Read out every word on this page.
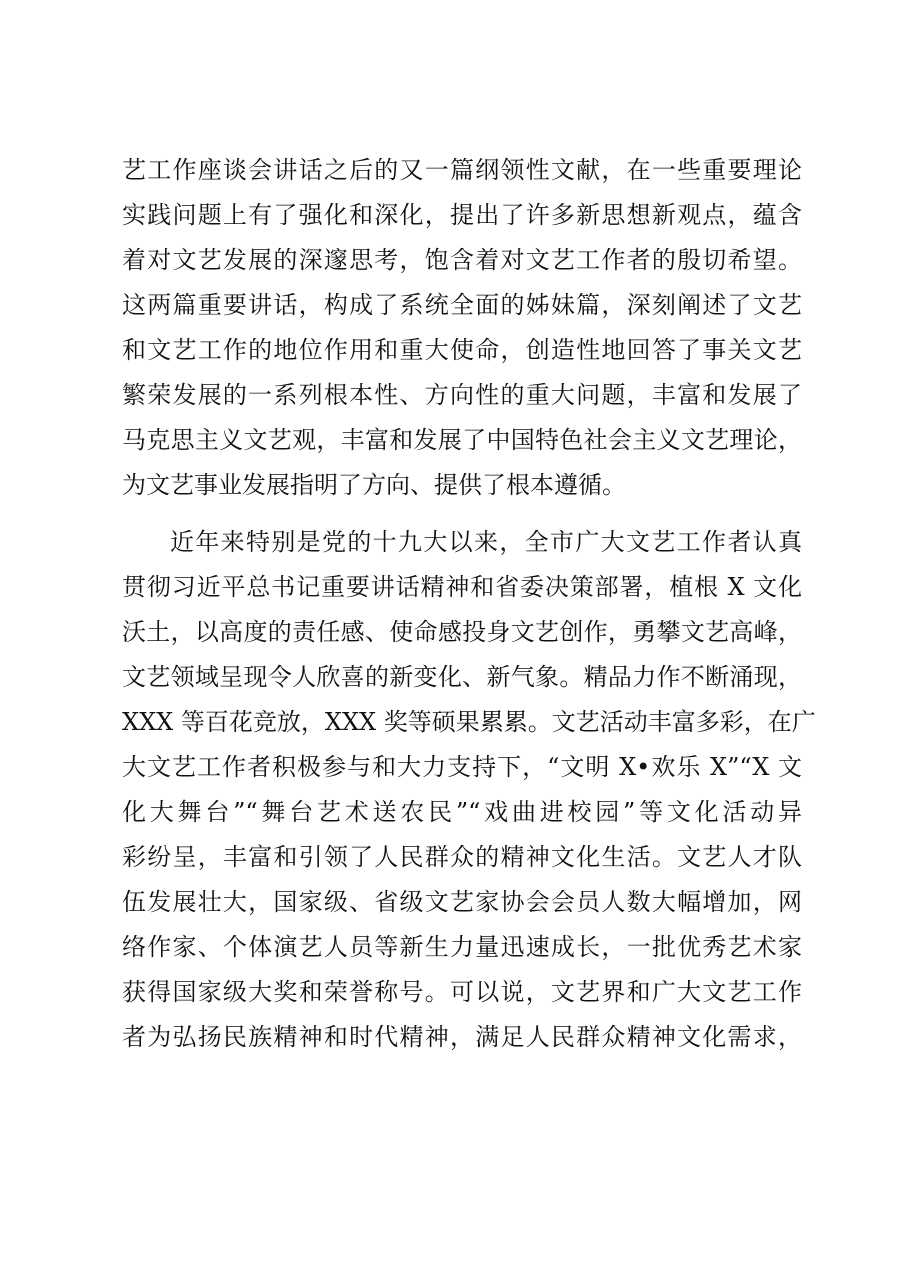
艺工作座谈会讲话之后的又一篇纲领性文献，在一些重要理论
实践问题上有了强化和深化，提出了许多新思想新观点，蕴含
着对文艺发展的深邃思考，饱含着对文艺工作者的殷切希望。
这两篇重要讲话，构成了系统全面的姊妹篇，深刻阐述了文艺
和文艺工作的地位作用和重大使命，创造性地回答了事关文艺
繁荣发展的一系列根本性、方向性的重大问题，丰富和发展了
马克思主义文艺观，丰富和发展了中国特色社会主义文艺理论，
为文艺事业发展指明了方向、提供了根本遵循。
近年来特别是党的十九大以来，全市广大文艺工作者认真
贯彻习近平总书记重要讲话精神和省委决策部署，植根 X 文化
沃土，以高度的责任感、使命感投身文艺创作，勇攀文艺高峰，
文艺领域呈现令人欣喜的新变化、新气象。精品力作不断涌现，
XXX 等百花竞放，XXX 奖等硕果累累。文艺活动丰富多彩，在广
大文艺工作者积极参与和大力支持下，“文明 X•欢乐 X”“X 文
化大舞台”“舞台艺术送农民”“戏曲进校园”等文化活动异
彩纷呈，丰富和引领了人民群众的精神文化生活。文艺人才队
伍发展壮大，国家级、省级文艺家协会会员人数大幅增加，网
络作家、个体演艺人员等新生力量迅速成长，一批优秀艺术家
获得国家级大奖和荣誉称号。可以说，文艺界和广大文艺工作
者为弘扬民族精神和时代精神，满足人民群众精神文化需求，
